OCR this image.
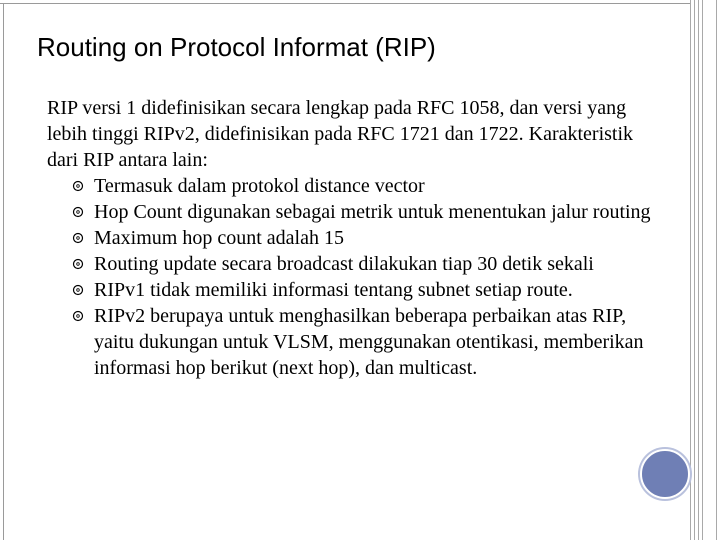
Routing on Protocol Informat (RIP)

RIP versi 1 didefinisikan secara lengkap pada RFC 1058, dan versi yang lebih tinggi RIPv2, didefinisikan pada RFC 1721 dan 1722. Karakteristik dari RIP antara lain:

Termasuk dalam protokol distance vector
Hop Count digunakan sebagai metrik untuk menentukan jalur routing
Maximum hop count adalah 15
Routing update secara broadcast dilakukan tiap 30 detik sekali
RIPv1 tidak memiliki informasi tentang subnet setiap route.
RIPv2 berupaya untuk menghasilkan beberapa perbaikan atas RIP, yaitu dukungan untuk VLSM, menggunakan otentikasi, memberikan informasi hop berikut (next hop), dan multicast.
